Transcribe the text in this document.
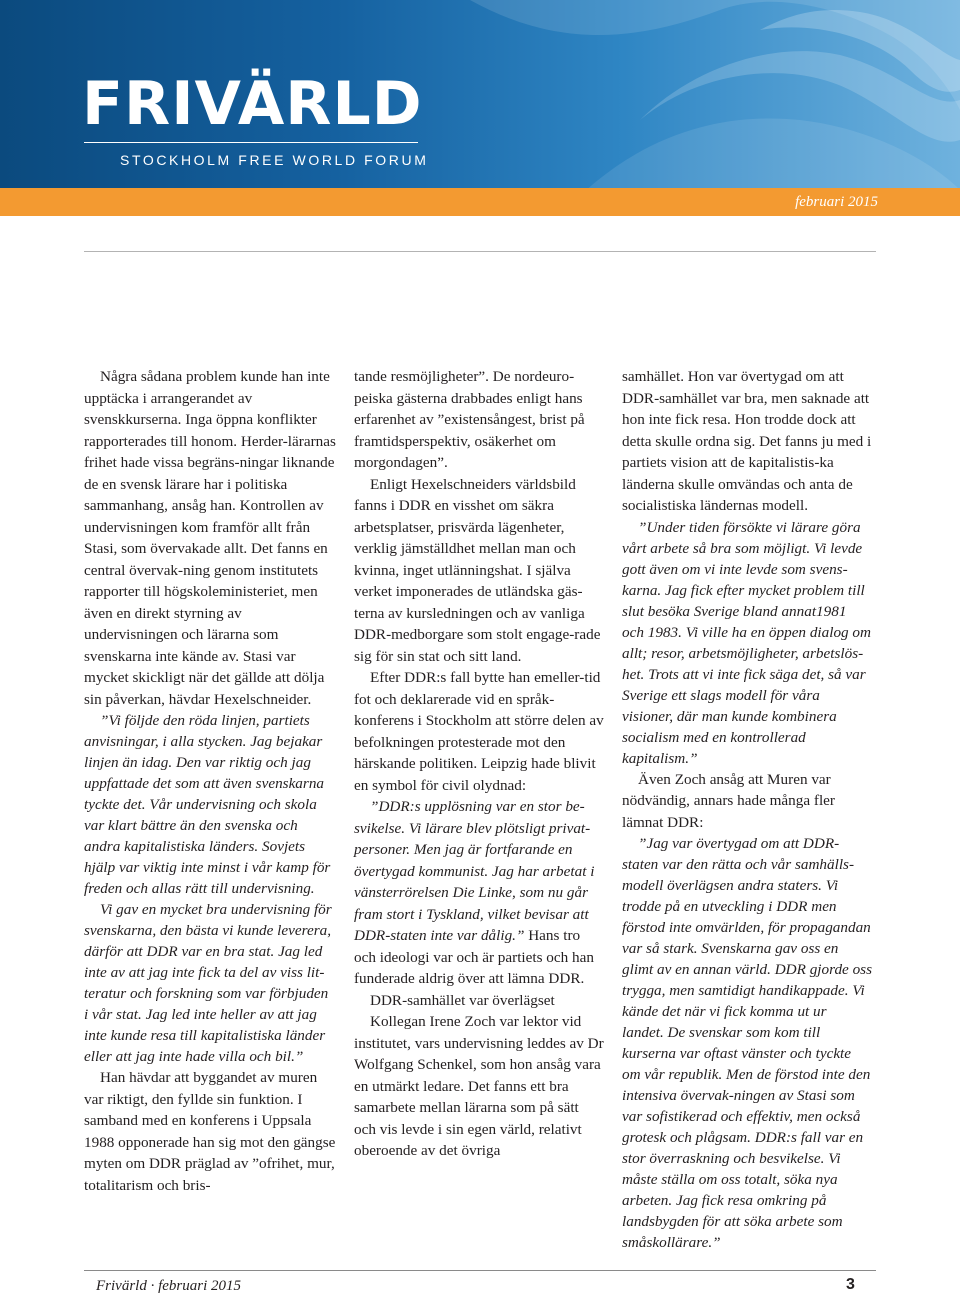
FRIVÄRLD
STOCKHOLM FREE WORLD FORUM
februari 2015

Några sådana problem kunde han inte upptäcka i arrangerandet av svenskkurserna. Inga öppna konflikter rapporterades till honom. Herder-lärarnas frihet hade vissa begräns-ningar liknande de en svensk lärare har i politiska sammanhang, ansåg han. Kontrollen av undervisningen kom framför allt från Stasi, som övervakade allt. Det fanns en central övervak-ning genom institutets rapporter till högskoleministeriet, men även en direkt styrning av undervisningen och lärarna som svenskarna inte kände av. Stasi var mycket skickligt när det gällde att dölja sin påverkan, hävdar Hexelschneider.

”Vi följde den röda linjen, partiets anvisningar, i alla stycken. Jag bejakar linjen än idag. Den var riktig och jag uppfattade det som att även svenskarna tyckte det. Vår undervisning och skola var klart bättre än den svenska och andra kapitalistiska länders. Sovjets hjälp var viktig inte minst i vår kamp för freden och allas rätt till undervisning.

Vi gav en mycket bra undervisning för svenskarna, den bästa vi kunde leverera, därför att DDR var en bra stat. Jag led inte av att jag inte fick ta del av viss lit-teratur och forskning som var förbjuden i vår stat. Jag led inte heller av att jag inte kunde resa till kapitalistiska länder eller att jag inte hade villa och bil.”

Han hävdar att byggandet av muren var riktigt, den fyllde sin funktion. I samband med en konferens i Uppsala 1988 opponerade han sig mot den gängse myten om DDR präglad av ”ofrihet, mur, totalitarism och bris-

tande resmöjligheter”. De nordeuro-peiska gästerna drabbades enligt hans erfarenhet av ”existensångest, brist på framtidsperspektiv, osäkerhet om morgondagen”.

Enligt Hexelschneiders världsbild fanns i DDR en visshet om säkra arbetsplatser, prisvärda lägenheter, verklig jämställdhet mellan man och kvinna, inget utlänningshat. I själva verket imponerades de utländska gäs-terna av kursledningen och av vanliga DDR-medborgare som stolt engage-rade sig för sin stat och sitt land.

Efter DDR:s fall bytte han emeller-tid fot och deklarerade vid en språk-konferens i Stockholm att större delen av befolkningen protesterade mot den härskande politiken. Leipzig hade blivit en symbol för civil olydnad:

”DDR:s upplösning var en stor be-svikelse. Vi lärare blev plötsligt privat-personer. Men jag är fortfarande en övertygad kommunist. Jag har arbetat i vänsterrörelsen Die Linke, som nu går fram stort i Tyskland, vilket bevisar att DDR-staten inte var dålig.” Hans tro och ideologi var och är partiets och han funderade aldrig över att lämna DDR.

DDR-samhället var överlägset

Kollegan Irene Zoch var lektor vid institutet, vars undervisning leddes av Dr Wolfgang Schenkel, som hon ansåg vara en utmärkt ledare. Det fanns ett bra samarbete mellan lärarna som på sätt och vis levde i sin egen värld, relativt oberoende av det övriga

samhället. Hon var övertygad om att DDR-samhället var bra, men saknade att hon inte fick resa. Hon trodde dock att detta skulle ordna sig. Det fanns ju med i partiets vision att de kapitalistis-ka länderna skulle omvändas och anta de socialistiska ländernas modell.

”Under tiden försökte vi lärare göra vårt arbete så bra som möjligt. Vi levde gott även om vi inte levde som svens-karna. Jag fick efter mycket problem till slut besöka Sverige bland annat1981 och 1983. Vi ville ha en öppen dialog om allt; resor, arbetsmöjligheter, arbetslös-het. Trots att vi inte fick säga det, så var Sverige ett slags modell för våra visioner, där man kunde kombinera socialism med en kontrollerad kapitalism.”

Även Zoch ansåg att Muren var nödvändig, annars hade många fler lämnat DDR:

”Jag var övertygad om att DDR-staten var den rätta och vår samhälls-modell överlägsen andra staters. Vi trodde på en utveckling i DDR men förstod inte omvärlden, för propagandan var så stark. Svenskarna gav oss en glimt av en annan värld. DDR gjorde oss trygga, men samtidigt handikappade. Vi kände det när vi fick komma ut ur landet. De svenskar som kom till kurserna var oftast vänster och tyckte om vår republik. Men de förstod inte den intensiva övervak-ningen av Stasi som var sofistikerad och effektiv, men också grotesk och plågsam. DDR:s fall var en stor överraskning och besvikelse. Vi måste ställa om oss totalt, söka nya arbeten. Jag fick resa omkring på landsbygden för att söka arbete som småskollärare.”

Frivärld · februari 2015	3
